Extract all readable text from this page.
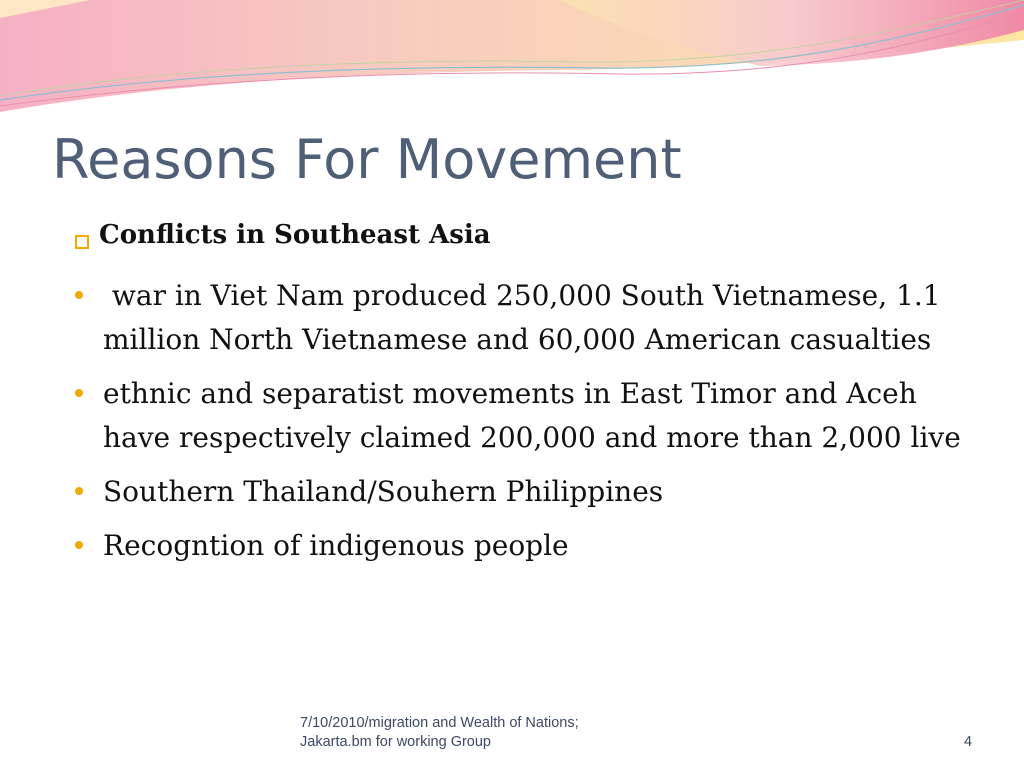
Reasons For Movement
Conflicts in Southeast Asia
war in Viet Nam produced 250,000 South Vietnamese, 1.1 million North Vietnamese and 60,000 American casualties
ethnic and separatist movements in East Timor and Aceh have respectively claimed 200,000 and more than 2,000 live
Southern Thailand/Souhern Philippines
Recogntion of indigenous people
7/10/2010/migration and Wealth of Nations;
Jakarta.bm for working Group	4
